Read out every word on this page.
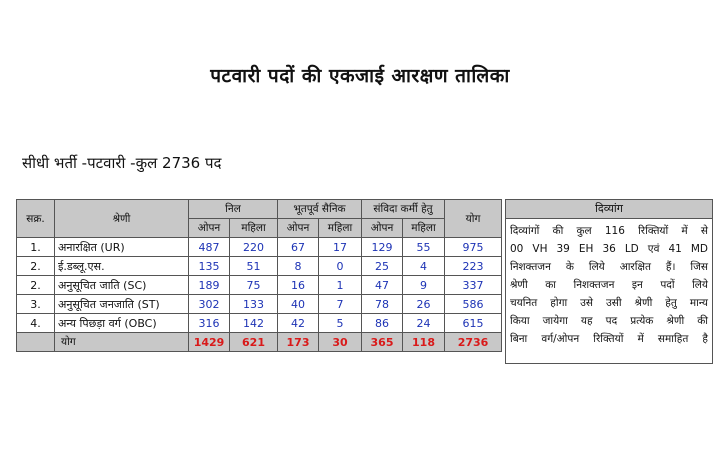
पटवारी पदों की एकजाई आरक्षण तालिका
सीधी भर्ती -पटवारी -कुल 2736 पद
सक्र.	श्रेणी	निल		भूतपूर्व सैनिक		संविदा कर्मी हेतु		योग
		ओपन	महिला	ओपन	महिला	ओपन	महिला	
1.	अनारक्षित (UR)	487	220	67	17	129	55	975
2.	ई.डब्लू.एस.	135	51	8	0	25	4	223
2.	अनुसूचित जाति (SC)	189	75	16	1	47	9	337
3.	अनुसूचित जनजाति (ST)	302	133	40	7	78	26	586
4.	अन्य पिछड़ा वर्ग (OBC)	316	142	42	5	86	24	615
	योग	1429	621	173	30	365	118	2736
दिव्यांग
दिव्यांगों की कुल 116 रिक्तियों में से
00 VH 39 EH 36 LD एवं 41 MD
निशक्तजन के लिये आरक्षित हैं। जिस
श्रेणी का निशक्तजन इन पदों लिये
चयनित होगा उसे उसी श्रेणी हेतु मान्य
किया जायेगा यह पद प्रत्येक श्रेणी की
बिना वर्ग/ओपन रिक्तियों में समाहित है
